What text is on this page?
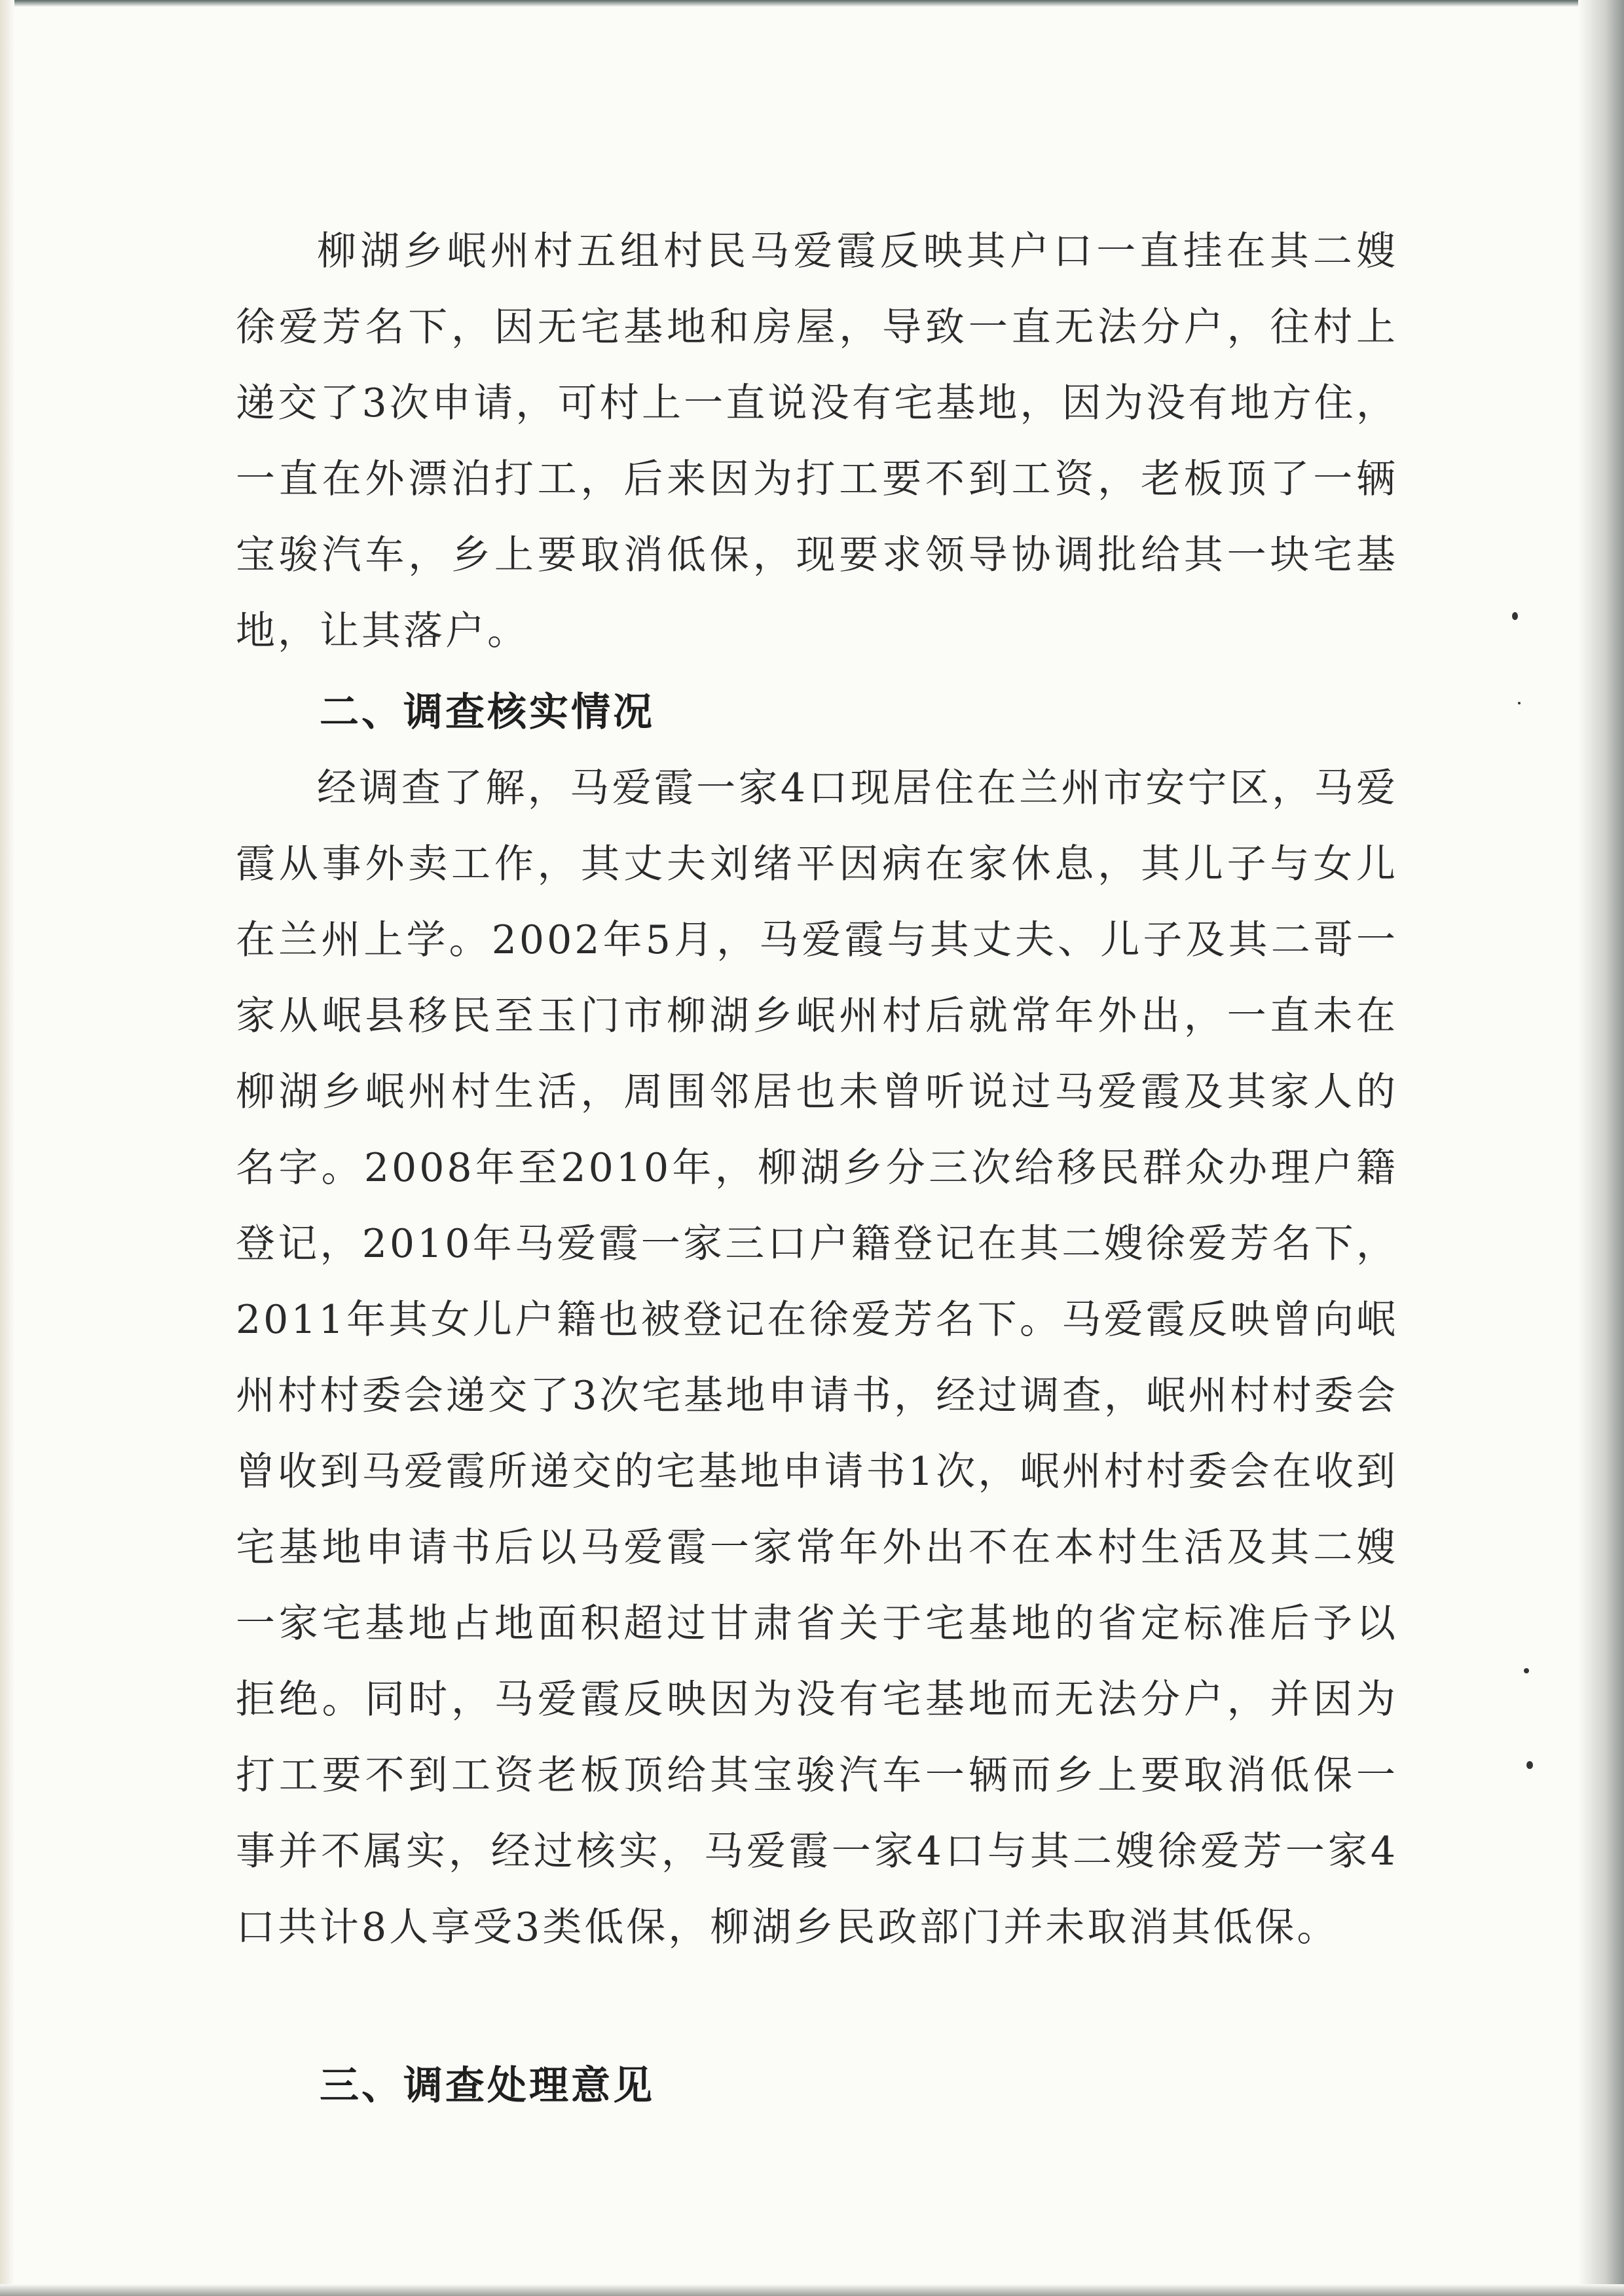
柳湖乡岷州村五组村民马爱霞反映其户口一直挂在其二嫂徐爱芳名下，因无宅基地和房屋，导致一直无法分户，往村上递交了3次申请，可村上一直说没有宅基地，因为没有地方住，一直在外漂泊打工，后来因为打工要不到工资，老板顶了一辆宝骏汽车，乡上要取消低保，现要求领导协调批给其一块宅基地，让其落户。

二、调查核实情况

经调查了解，马爱霞一家4口现居住在兰州市安宁区，马爱霞从事外卖工作，其丈夫刘绪平因病在家休息，其儿子与女儿在兰州上学。2002年5月，马爱霞与其丈夫、儿子及其二哥一家从岷县移民至玉门市柳湖乡岷州村后就常年外出，一直未在柳湖乡岷州村生活，周围邻居也未曾听说过马爱霞及其家人的名字。2008年至2010年，柳湖乡分三次给移民群众办理户籍登记，2010年马爱霞一家三口户籍登记在其二嫂徐爱芳名下，2011年其女儿户籍也被登记在徐爱芳名下。马爱霞反映曾向岷州村村委会递交了3次宅基地申请书，经过调查，岷州村村委会曾收到马爱霞所递交的宅基地申请书1次，岷州村村委会在收到宅基地申请书后以马爱霞一家常年外出不在本村生活及其二嫂一家宅基地占地面积超过甘肃省关于宅基地的省定标准后予以拒绝。同时，马爱霞反映因为没有宅基地而无法分户，并因为打工要不到工资老板顶给其宝骏汽车一辆而乡上要取消低保一事并不属实，经过核实，马爱霞一家4口与其二嫂徐爱芳一家4口共计8人享受3类低保，柳湖乡民政部门并未取消其低保。

三、调查处理意见
